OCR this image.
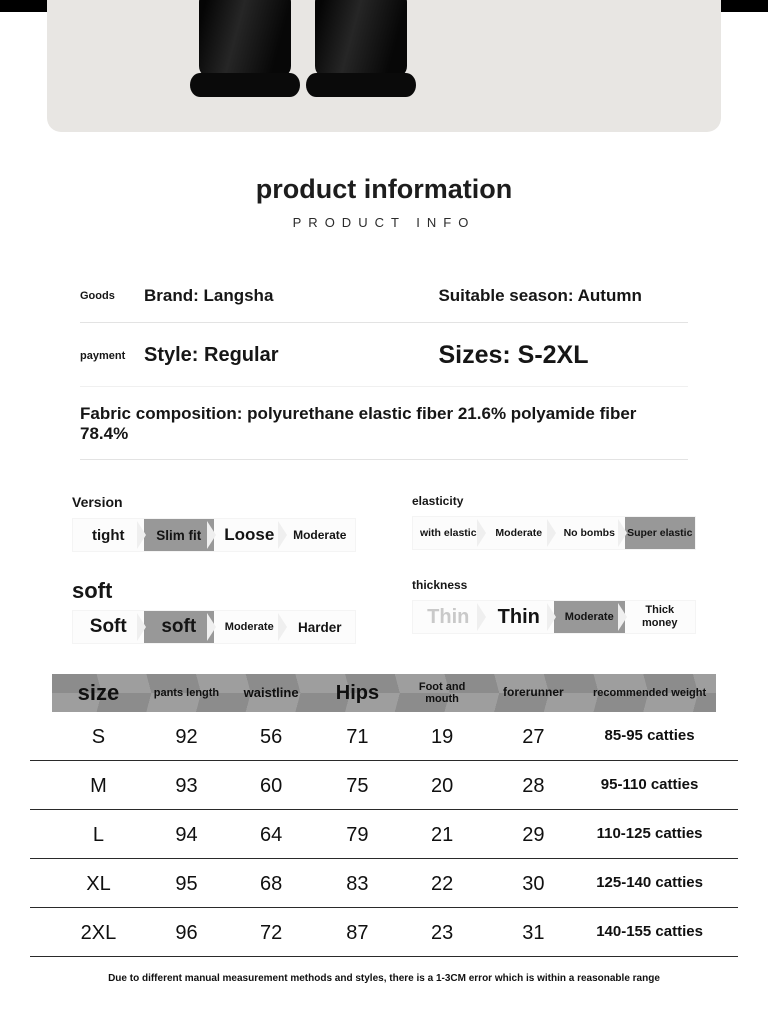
product information
PRODUCT INFO
Goods	Brand: Langsha	Suitable season: Autumn
payment Style: Regular	Sizes: S-2XL
Fabric composition: polyurethane elastic fiber 21.6% polyamide fiber 78.4%
Version
tight	Slim fit	Loose	Moderate
elasticity
with elastic	Moderate	No bombs	Super elastic
soft
Soft	soft	Moderate	Harder
thickness
Thin	Thin	Moderate
Thick money
size	pants length	waistline	Hips	Foot and mouth	forerunner	recommended weight
S	92	56	71	19	27	85-95 catties
M	93	60	75	20	28	95-110 catties
L	94	64	79	21	29	110-125 catties
XL	95	68	83	22	30	125-140 catties
2XL	96	72	87	23	31	140-155 catties
Due to different manual measurement methods and styles, there is a 1-3CM error which is within a reasonable range
